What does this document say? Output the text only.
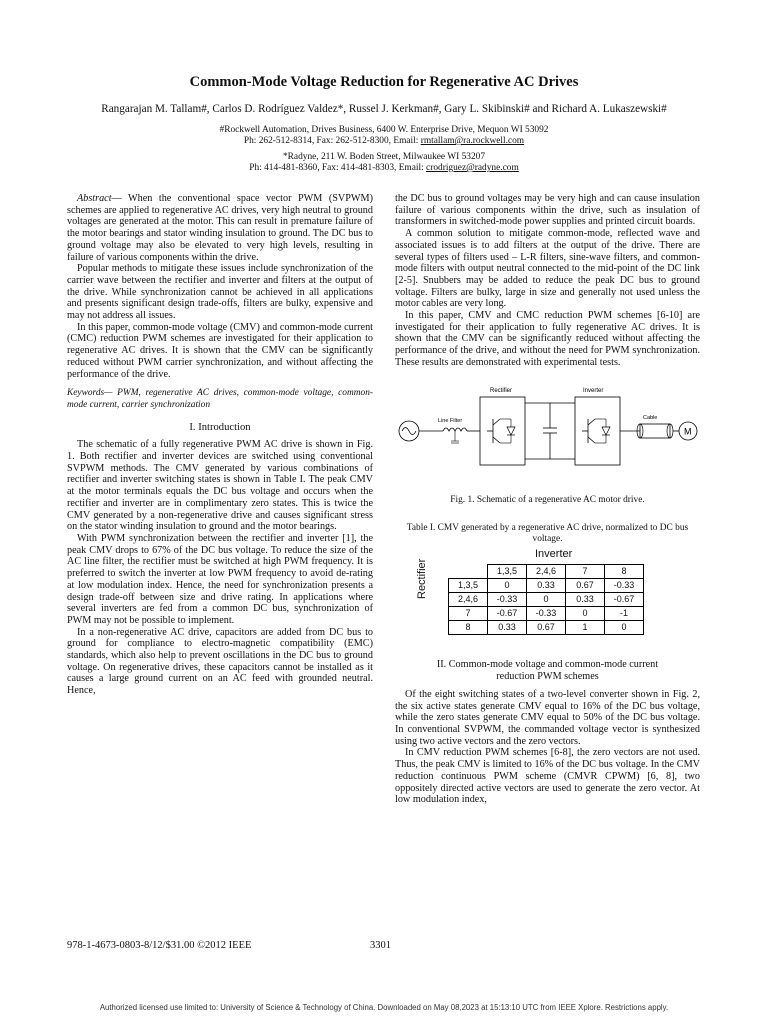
Common-Mode Voltage Reduction for Regenerative AC Drives
Rangarajan M. Tallam#, Carlos D. Rodríguez Valdez*, Russel J. Kerkman#, Gary L. Skibinski# and Richard A. Lukaszewski#
#Rockwell Automation, Drives Business, 6400 W. Enterprise Drive, Mequon WI 53092
Ph: 262-512-8314, Fax: 262-512-8300, Email: rmtallam@ra.rockwell.com
*Radyne, 211 W. Boden Street, Milwaukee WI 53207
Ph: 414-481-8360, Fax: 414-481-8303, Email: crodriguez@radyne.com

Abstract— When the conventional space vector PWM (SVPWM) schemes are applied to regenerative AC drives, very high neutral to ground voltages are generated at the motor. This can result in premature failure of the motor bearings and stator winding insulation to ground. The DC bus to ground voltage may also be elevated to very high levels, resulting in failure of various components within the drive.

Popular methods to mitigate these issues include synchronization of the carrier wave between the rectifier and inverter and filters at the output of the drive. While synchronization cannot be achieved in all applications and presents significant design trade-offs, filters are bulky, expensive and may not address all issues.

In this paper, common-mode voltage (CMV) and common-mode current (CMC) reduction PWM schemes are investigated for their application to regenerative AC drives. It is shown that the CMV can be significantly reduced without PWM carrier synchronization, and without affecting the performance of the drive.

Keywords— PWM, regenerative AC drives, common-mode voltage, common-mode current, carrier synchronization

I. Introduction

The schematic of a fully regenerative PWM AC drive is shown in Fig. 1. Both rectifier and inverter devices are switched using conventional SVPWM methods. The CMV generated by various combinations of rectifier and inverter switching states is shown in Table I. The peak CMV at the motor terminals equals the DC bus voltage and occurs when the rectifier and inverter are in complimentary zero states. This is twice the CMV generated by a non-regenerative drive and causes significant stress on the stator winding insulation to ground and the motor bearings.

With PWM synchronization between the rectifier and inverter [1], the peak CMV drops to 67% of the DC bus voltage. To reduce the size of the AC line filter, the rectifier must be switched at high PWM frequency. It is preferred to switch the inverter at low PWM frequency to avoid de-rating at low modulation index. Hence, the need for synchronization presents a design trade-off between size and drive rating. In applications where several inverters are fed from a common DC bus, synchronization of PWM may not be possible to implement.

In a non-regenerative AC drive, capacitors are added from DC bus to ground for compliance to electro-magnetic compatibility (EMC) standards, which also help to prevent oscillations in the DC bus to ground voltage. On regenerative drives, these capacitors cannot be installed as it causes a large ground current on an AC feed with grounded neutral. Hence,

the DC bus to ground voltages may be very high and can cause insulation failure of various components within the drive, such as insulation of transformers in switched-mode power supplies and printed circuit boards.

A common solution to mitigate common-mode, reflected wave and associated issues is to add filters at the output of the drive. There are several types of filters used – L-R filters, sine-wave filters, and common-mode filters with output neutral connected to the mid-point of the DC link [2-5]. Snubbers may be added to reduce the peak DC bus to ground voltage. Filters are bulky, large in size and generally not used unless the motor cables are very long.

In this paper, CMV and CMC reduction PWM schemes [6-10] are investigated for their application to fully regenerative AC drives. It is shown that the CMV can be significantly reduced without affecting the performance of the drive, and without the need for PWM synchronization. These results are demonstrated with experimental tests.

Rectifier	Inverter
Line Filter	Cable
M
Fig. 1. Schematic of a regenerative AC motor drive.
Table I. CMV generated by a regenerative AC drive, normalized to DC bus voltage.
Inverter
Rectifier
		1,3,5	2,4,6	7	8
1,3,5	0	0.33	0.67	-0.33
2,4,6	-0.33	0	0.33	-0.67
7	-0.67	-0.33	0	-1
8	0.33	0.67	1	0
II. Common-mode voltage and common-mode current
reduction PWM schemes

Of the eight switching states of a two-level converter shown in Fig. 2, the six active states generate CMV equal to 16% of the DC bus voltage, while the zero states generate CMV equal to 50% of the DC bus voltage. In conventional SVPWM, the commanded voltage vector is synthesized using two active vectors and the zero vectors.

In CMV reduction PWM schemes [6-8], the zero vectors are not used. Thus, the peak CMV is limited to 16% of the DC bus voltage. In the CMV reduction continuous PWM scheme (CMVR CPWM) [6, 8], two oppositely directed active vectors are used to generate the zero vector. At low modulation index,

978-1-4673-0803-8/12/$31.00 ©2012 IEEE	3301
Authorized licensed use limited to: University of Science & Technology of China. Downloaded on May 08,2023 at 15:13:10 UTC from IEEE Xplore. Restrictions apply.
